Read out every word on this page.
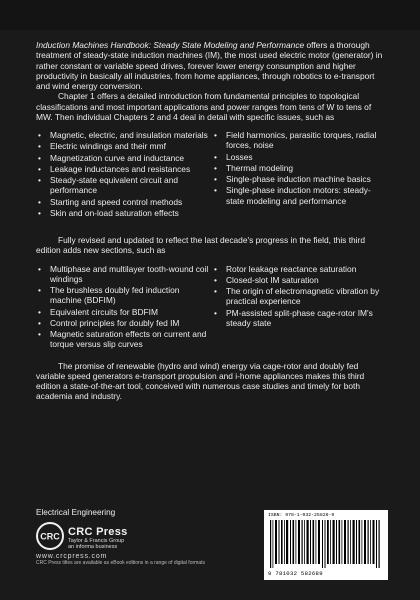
Induction Machines Handbook: Steady State Modeling and Performance offers a thorough treatment of steady-state induction machines (IM), the most used electric motor (generator) in rather constant or variable speed drives, forever lower energy consumption and higher productivity in basically all industries, from home appliances, through robotics to e-transport and wind energy conversion.

Chapter 1 offers a detailed introduction from fundamental principles to topological classifications and most important applications and power ranges from tens of W to tens of MW. Then individual Chapters 2 and 4 deal in detail with specific issues, such as

• Magnetic, electric, and insulation materials
• Electric windings and their mmf
• Magnetization curve and inductance
• Leakage inductances and resistances
• Steady-state equivalent circuit and performance
• Starting and speed control methods
• Skin and on-load saturation effects
• Field harmonics, parasitic torques, radial forces, noise
• Losses
• Thermal modeling
• Single-phase induction machine basics
• Single-phase induction motors: steady-state modeling and performance

Fully revised and updated to reflect the last decade's progress in the field, this third edition adds new sections, such as

• Multiphase and multilayer tooth-wound coil windings
• The brushless doubly fed induction machine (BDFIM)
• Equivalent circuits for BDFIM
• Control principles for doubly fed IM
• Magnetic saturation effects on current and torque versus slip curves
• Rotor leakage reactance saturation
• Closed-slot IM saturation
• The origin of electromagnetic vibration by practical experience
• PM-assisted split-phase cage-rotor IM's steady state

The promise of renewable (hydro and wind) energy via cage-rotor and doubly fed variable speed generators e-transport propulsion and i-home appliances makes this third edition a state-of-the-art tool, conceived with numerous case studies and timely for both academia and industry.

Electrical Engineering
CRC CRC Press
Taylor & Francis Group
an informa business
www.crcpress.com
CRC Press titles are available as eBook editions in a range of digital formats
ISBN: 978-1-032-25826-9
9 781032 582689
